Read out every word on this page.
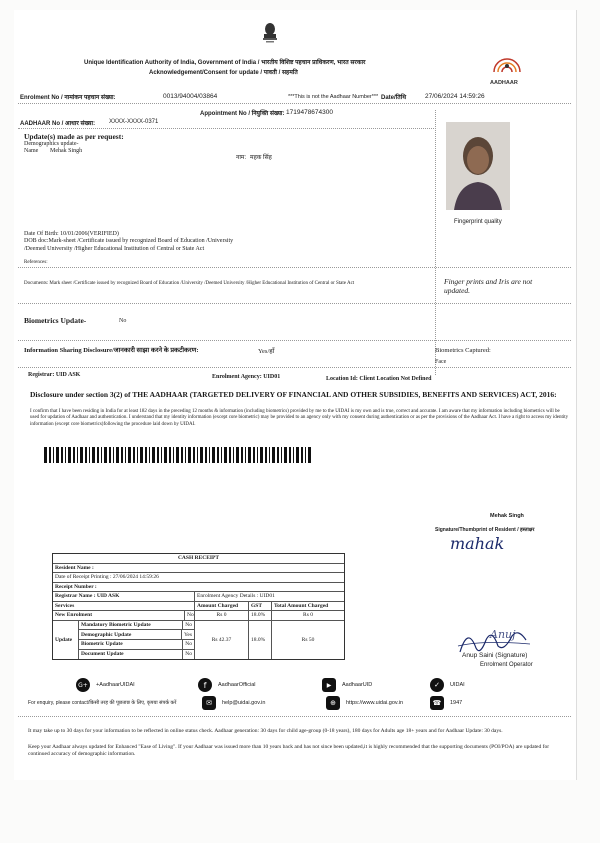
Unique Identification Authority of India, Government of India / भारतीय विशिष्ट पहचान प्राधिकरण, भारत सरकार
Acknowledgement/Consent for update / पावती / सहमति
AADHAAR
Enrolment No / नामांकन पहचान संख्या:	0013/94004/03864	***This is not the Aadhaar Number*** Date/तिथि	27/06/2024 14:59:26
Appointment No / नियुक्ति संख्या: 1719478674300
AADHAAR No / आधार संख्या: XXXX-XXXX-0371
Update(s) made as per request:
Demographics update-
Name Mehak Singh
नाम: महक सिंह
Fingerprint quality
Date Of Birth: 10/01/2006(VERIFIED)
DOB doc:Mark-sheet /Certificate issued by recognized Board of Education /University /Deemed University /Higher Educational Institution of Central or State Act
References:
Documents: Mark sheet /Certificate issued by recognized Board of Education /University /Deemed University /Higher Educational Institution of Central or State Act	Finger prints and Iris are not updated.
Biometrics Update-	No
Information Sharing Disclosure/जानकारी साझा करने के प्रकटीकरण:	Yes/हाँ	Biometrics Captured:
Face
Registrar: UID ASK	Enrolment Agency: UID01	Location Id: Client Location Not Defined
Disclosure under section 3(2) of THE AADHAAR (TARGETED DELIVERY OF FINANCIAL AND OTHER SUBSIDIES, BENEFITS AND SERVICES) ACT, 2016:
I confirm that I have been residing in India for at least 182 days in the preceding 12 months & information (including biometrics) provided by me to the UIDAI is my own and is true, correct and accurate. I am aware that my information including biometrics will be used for updation of Aadhaar and authentication. I understand that my identity information (except core biometric) may be provided to an agency only with my consent during authentication or as per the provisions of the Aadhaar Act. I have a right to access my identity information (except core biometrics)following the procedure laid down by UIDAI.
Mehak Singh
Signature/Thumbprint of Resident / हस्ताक्षर
mahak
CASH RECEIPT
Resident Name :
Date of Receipt Printing : 27/06/2024 14:59:26
Receipt Number :
Registrar Name : UID ASK	Enrolment Agency Details : UID01
Services	Amount Charged	GST	Total Amount Charged
New Enrolment	No	Rs 0	18.0%	Rs 0
Update
Mandatory Biometric Update	No
Demographic Update	Yes
Biometric Update	No
Document Update	No
Rs 42.37	18.0%	Rs 50	Anuj
Anup Saini (Signature)
Enrolment Operator
G+	+AadhaarUIDAI	f	AadhaarOfficial	▶	AadhaarUID	✓	UIDAI
For enquiry, please contact/किसी तरह की पूछताछ के लिए, कृपया संपर्क करें	✉	help@uidai.gov.in	⊕	https://www.uidai.gov.in	☎	1947
It may take up to 30 days for your information to be reflected in online status check. Aadhaar generation: 30 days for child age-group (0-18 years), 180 days for Adults age 18+ years and for Aadhaar Update: 30 days.
Keep your Aadhaar always updated for Enhanced "Ease of Living". If your Aadhaar was issued more than 10 years back and has not since been updated,it is highly recommended that the supporting documents (POI/POA) are updated for continued accuracy of demographic information.
